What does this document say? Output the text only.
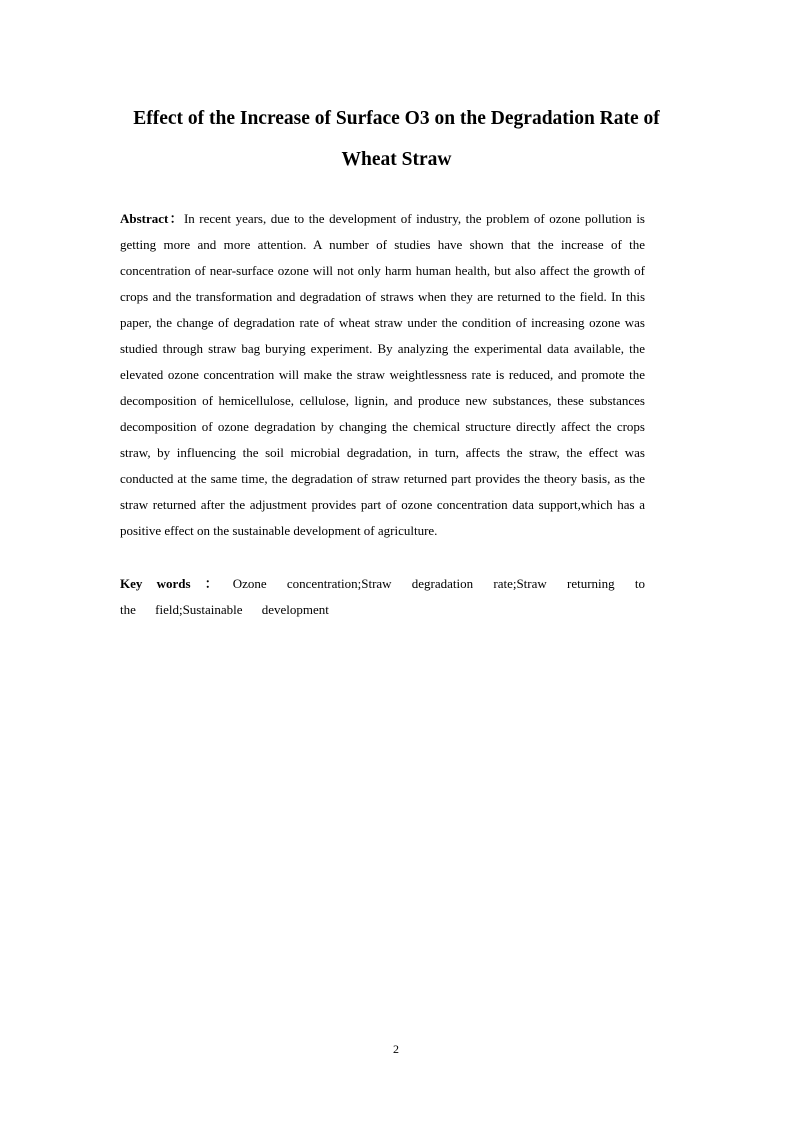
Effect of the Increase of Surface O3 on the Degradation Rate of Wheat Straw

Abstract：In recent years, due to the development of industry, the problem of ozone pollution is getting more and more attention. A number of studies have shown that the increase of the concentration of near-surface ozone will not only harm human health, but also affect the growth of crops and the transformation and degradation of straws when they are returned to the field. In this paper, the change of degradation rate of wheat straw under the condition of increasing ozone was studied through straw bag burying experiment. By analyzing the experimental data available, the elevated ozone concentration will make the straw weightlessness rate is reduced, and promote the decomposition of hemicellulose, cellulose, lignin, and produce new substances, these substances decomposition of ozone degradation by changing the chemical structure directly affect the crops straw, by influencing the soil microbial degradation, in turn, affects the straw, the effect was conducted at the same time, the degradation of straw returned part provides the theory basis, as the straw returned after the adjustment provides part of ozone concentration data support,which has a positive effect on the sustainable development of agriculture.

Key words ： Ozone concentration;Straw degradation rate;Straw returning to the field;Sustainable development

2
